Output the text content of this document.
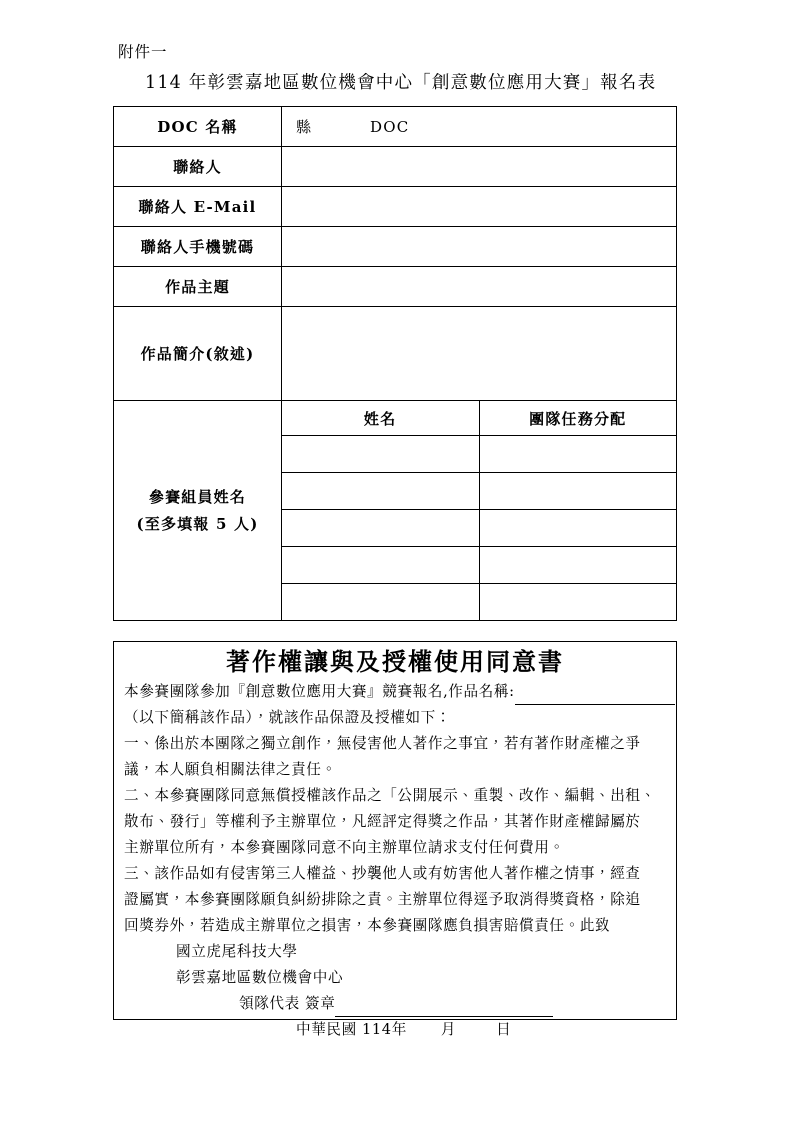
附件一
114 年彰雲嘉地區數位機會中心「創意數位應用大賽」報名表
DOC 名稱	縣	DOC
聯絡人	
聯絡人 E-Mail	
聯絡人手機號碼	
作品主題	
作品簡介(敘述)	

參賽組員姓名
(至多填報 5 人)

姓名	團隊任務分配

著作權讓與及授權使用同意書

本參賽團隊參加『創意數位應用大賽』競賽報名,作品名稱:

（以下簡稱該作品），就該作品保證及授權如下：

一、係出於本團隊之獨立創作，無侵害他人著作之事宜，若有著作財產權之爭

議，本人願負相關法律之責任。

二、本參賽團隊同意無償授權該作品之「公開展示、重製、改作、編輯、出租、

散布、發行」等權利予主辦單位，凡經評定得獎之作品，其著作財產權歸屬於

主辦單位所有，本參賽團隊同意不向主辦單位請求支付任何費用。

三、該作品如有侵害第三人權益、抄襲他人或有妨害他人著作權之情事，經查

證屬實，本參賽團隊願負糾紛排除之責。主辦單位得逕予取消得獎資格，除追

回獎券外，若造成主辦單位之損害，本參賽團隊應負損害賠償責任。此致

國立虎尾科技大學
彰雲嘉地區數位機會中心
領隊代表 簽章
中華民國 114年 月	日
